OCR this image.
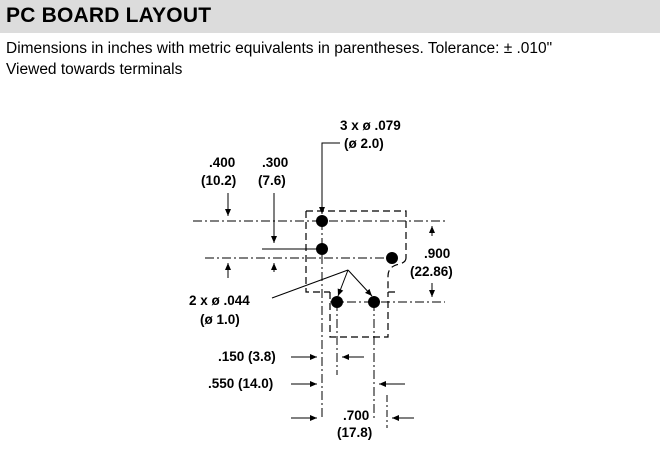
PC BOARD LAYOUT

Dimensions in inches with metric equivalents in parentheses. Tolerance: ± .010"

Viewed towards terminals

3 x ø .079
(ø 2.0)
2 x ø .044
(ø 1.0)
.400
(10.2)
.300
(7.6)
.900
(22.86)
.150 (3.8)
.550 (14.0)
.700
(17.8)
